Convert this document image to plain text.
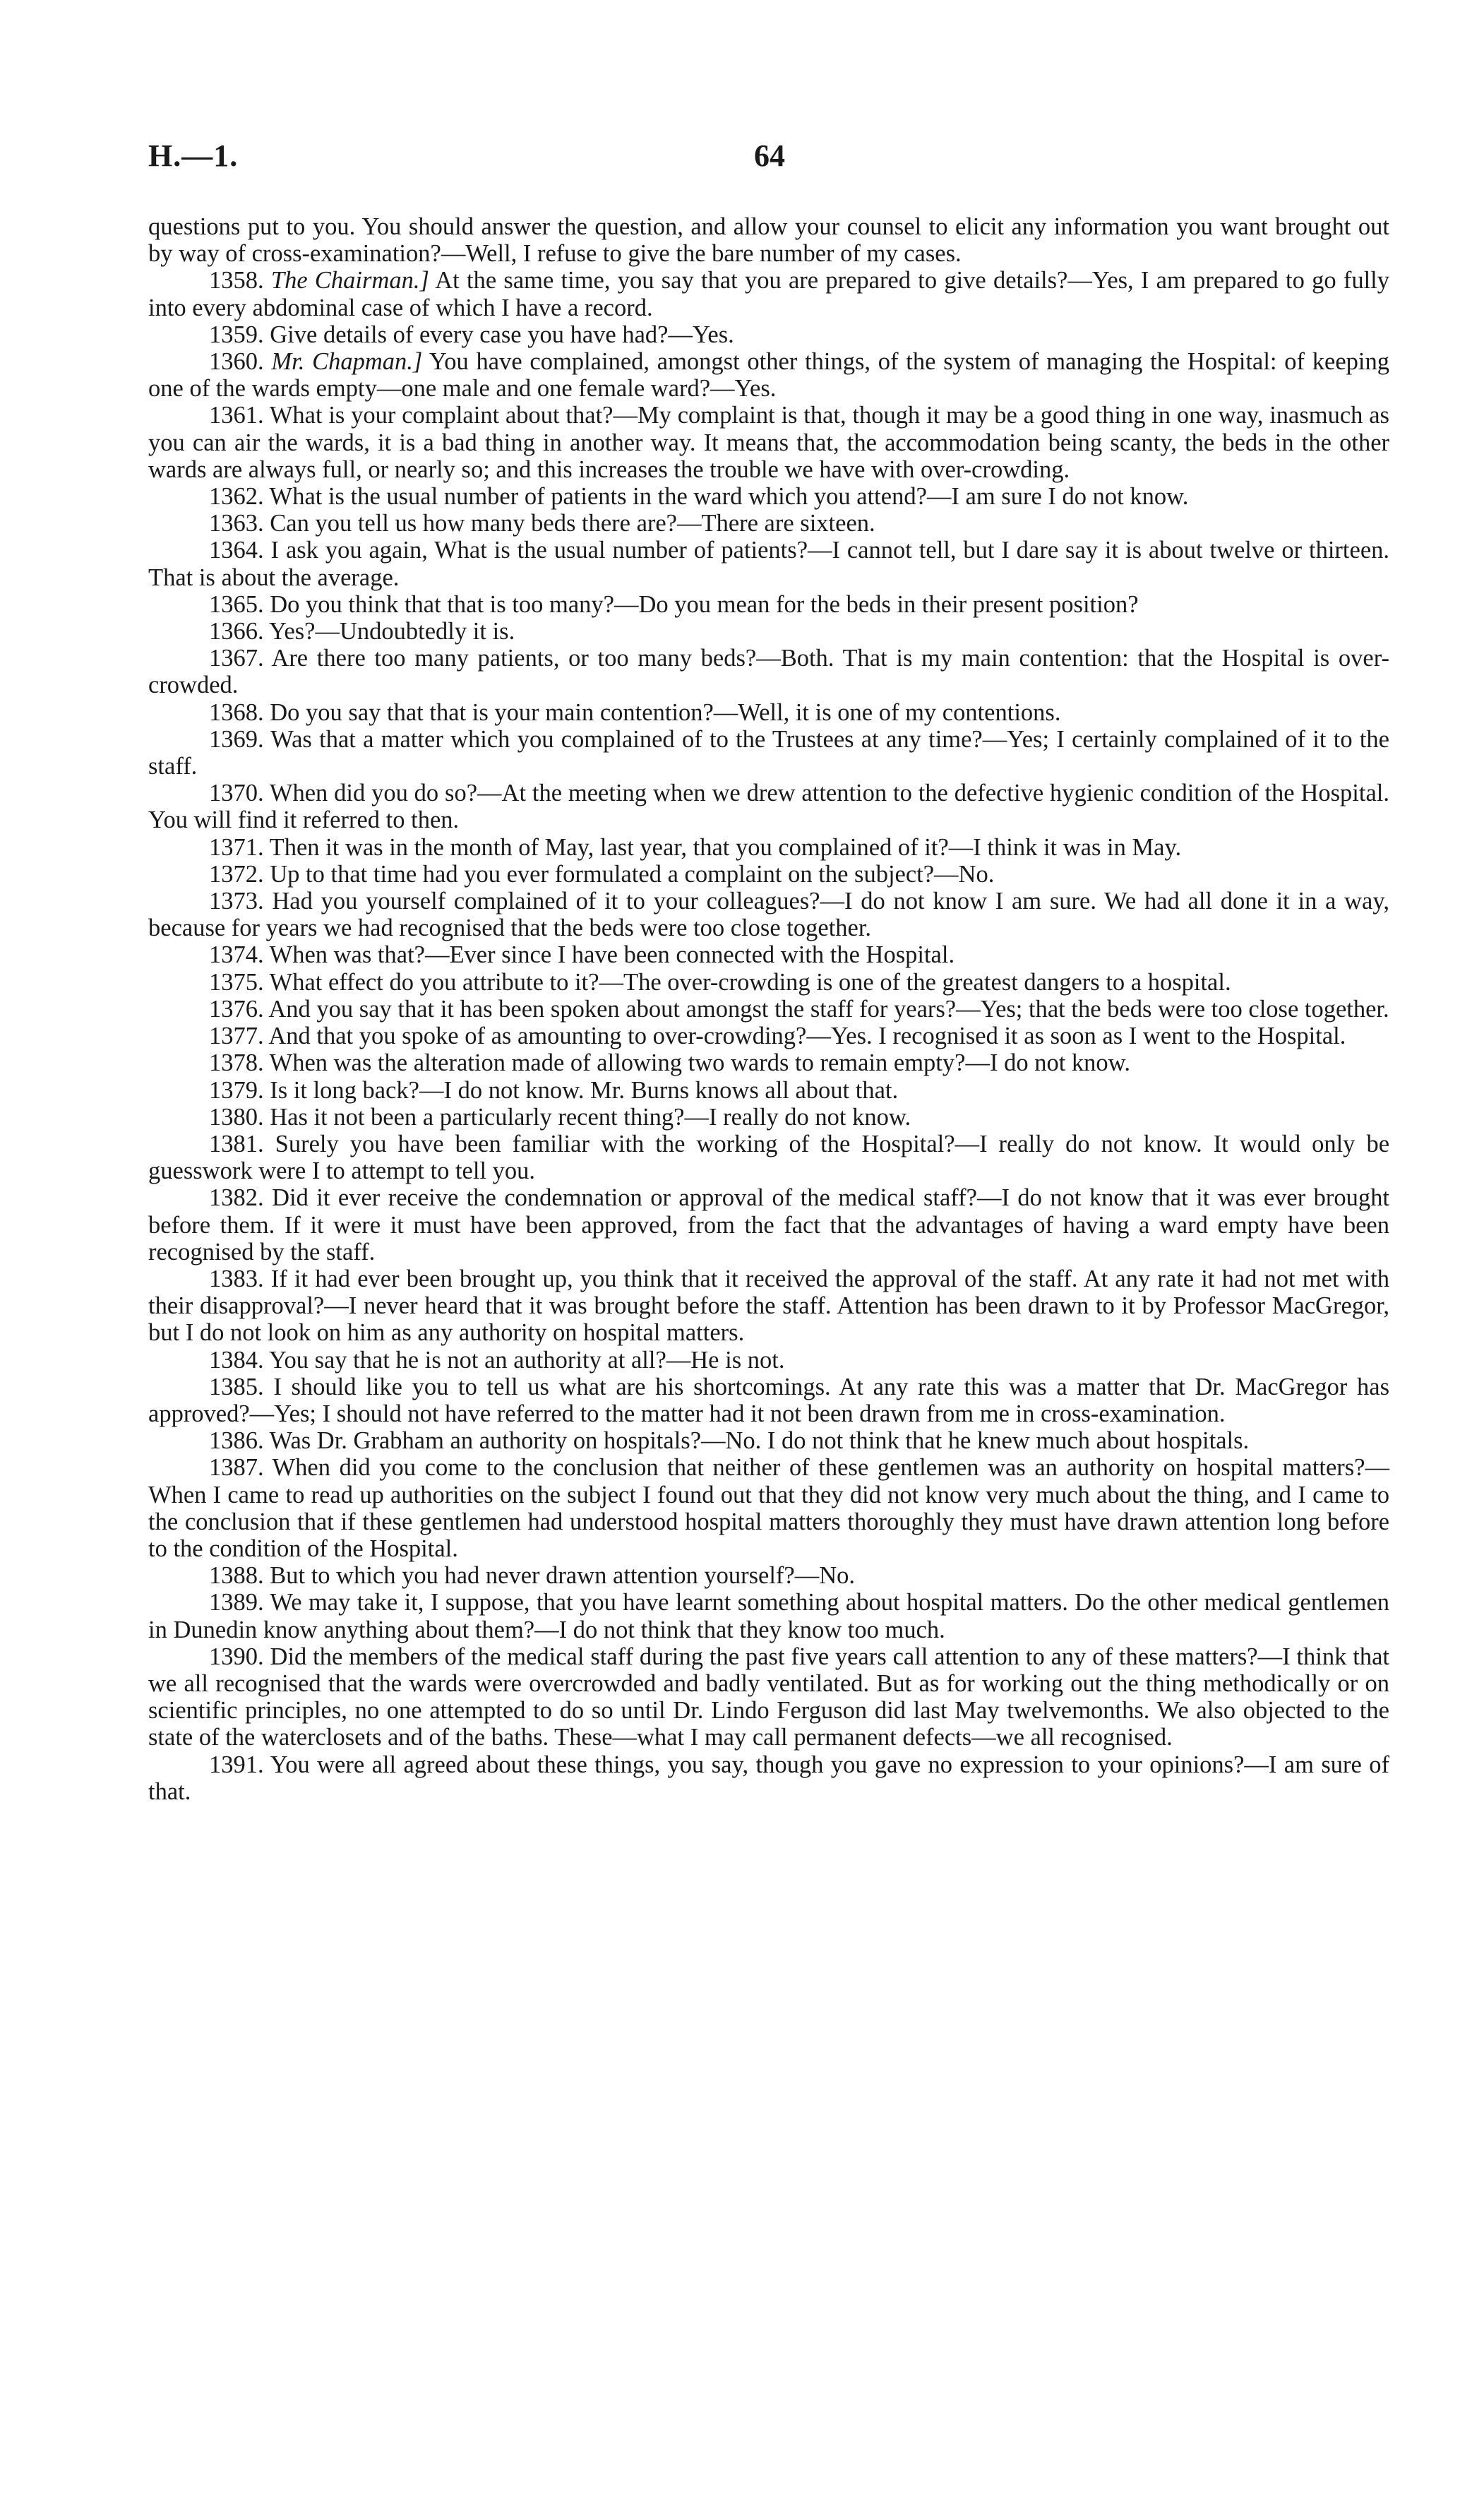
H.—1.	64

questions put to you. You should answer the question, and allow your counsel to elicit any information you want brought out by way of cross-examination?—Well, I refuse to give the bare number of my cases.

1358. The Chairman.] At the same time, you say that you are prepared to give details?—Yes, I am prepared to go fully into every abdominal case of which I have a record.

1359. Give details of every case you have had?—Yes.

1360. Mr. Chapman.] You have complained, amongst other things, of the system of managing the Hospital: of keeping one of the wards empty—one male and one female ward?—Yes.

1361. What is your complaint about that?—My complaint is that, though it may be a good thing in one way, inasmuch as you can air the wards, it is a bad thing in another way. It means that, the accommodation being scanty, the beds in the other wards are always full, or nearly so; and this increases the trouble we have with over-crowding.

1362. What is the usual number of patients in the ward which you attend?—I am sure I do not know.

1363. Can you tell us how many beds there are?—There are sixteen.

1364. I ask you again, What is the usual number of patients?—I cannot tell, but I dare say it is about twelve or thirteen. That is about the average.

1365. Do you think that that is too many?—Do you mean for the beds in their present position?

1366. Yes?—Undoubtedly it is.

1367. Are there too many patients, or too many beds?—Both. That is my main contention: that the Hospital is over-crowded.

1368. Do you say that that is your main contention?—Well, it is one of my contentions.

1369. Was that a matter which you complained of to the Trustees at any time?—Yes; I certainly complained of it to the staff.

1370. When did you do so?—At the meeting when we drew attention to the defective hygienic condition of the Hospital. You will find it referred to then.

1371. Then it was in the month of May, last year, that you complained of it?—I think it was in May.

1372. Up to that time had you ever formulated a complaint on the subject?—No.

1373. Had you yourself complained of it to your colleagues?—I do not know I am sure. We had all done it in a way, because for years we had recognised that the beds were too close together.

1374. When was that?—Ever since I have been connected with the Hospital.

1375. What effect do you attribute to it?—The over-crowding is one of the greatest dangers to a hospital.

1376. And you say that it has been spoken about amongst the staff for years?—Yes; that the beds were too close together.

1377. And that you spoke of as amounting to over-crowding?—Yes. I recognised it as soon as I went to the Hospital.

1378. When was the alteration made of allowing two wards to remain empty?—I do not know.

1379. Is it long back?—I do not know. Mr. Burns knows all about that.

1380. Has it not been a particularly recent thing?—I really do not know.

1381. Surely you have been familiar with the working of the Hospital?—I really do not know. It would only be guesswork were I to attempt to tell you.

1382. Did it ever receive the condemnation or approval of the medical staff?—I do not know that it was ever brought before them. If it were it must have been approved, from the fact that the advantages of having a ward empty have been recognised by the staff.

1383. If it had ever been brought up, you think that it received the approval of the staff. At any rate it had not met with their disapproval?—I never heard that it was brought before the staff. Attention has been drawn to it by Professor MacGregor, but I do not look on him as any authority on hospital matters.

1384. You say that he is not an authority at all?—He is not.

1385. I should like you to tell us what are his shortcomings. At any rate this was a matter that Dr. MacGregor has approved?—Yes; I should not have referred to the matter had it not been drawn from me in cross-examination.

1386. Was Dr. Grabham an authority on hospitals?—No. I do not think that he knew much about hospitals.

1387. When did you come to the conclusion that neither of these gentlemen was an authority on hospital matters?—When I came to read up authorities on the subject I found out that they did not know very much about the thing, and I came to the conclusion that if these gentlemen had understood hospital matters thoroughly they must have drawn attention long before to the condition of the Hospital.

1388. But to which you had never drawn attention yourself?—No.

1389. We may take it, I suppose, that you have learnt something about hospital matters. Do the other medical gentlemen in Dunedin know anything about them?—I do not think that they know too much.

1390. Did the members of the medical staff during the past five years call attention to any of these matters?—I think that we all recognised that the wards were overcrowded and badly ventilated. But as for working out the thing methodically or on scientific principles, no one attempted to do so until Dr. Lindo Ferguson did last May twelvemonths. We also objected to the state of the waterclosets and of the baths. These—what I may call permanent defects—we all recognised.

1391. You were all agreed about these things, you say, though you gave no expression to your opinions?—I am sure of that.
